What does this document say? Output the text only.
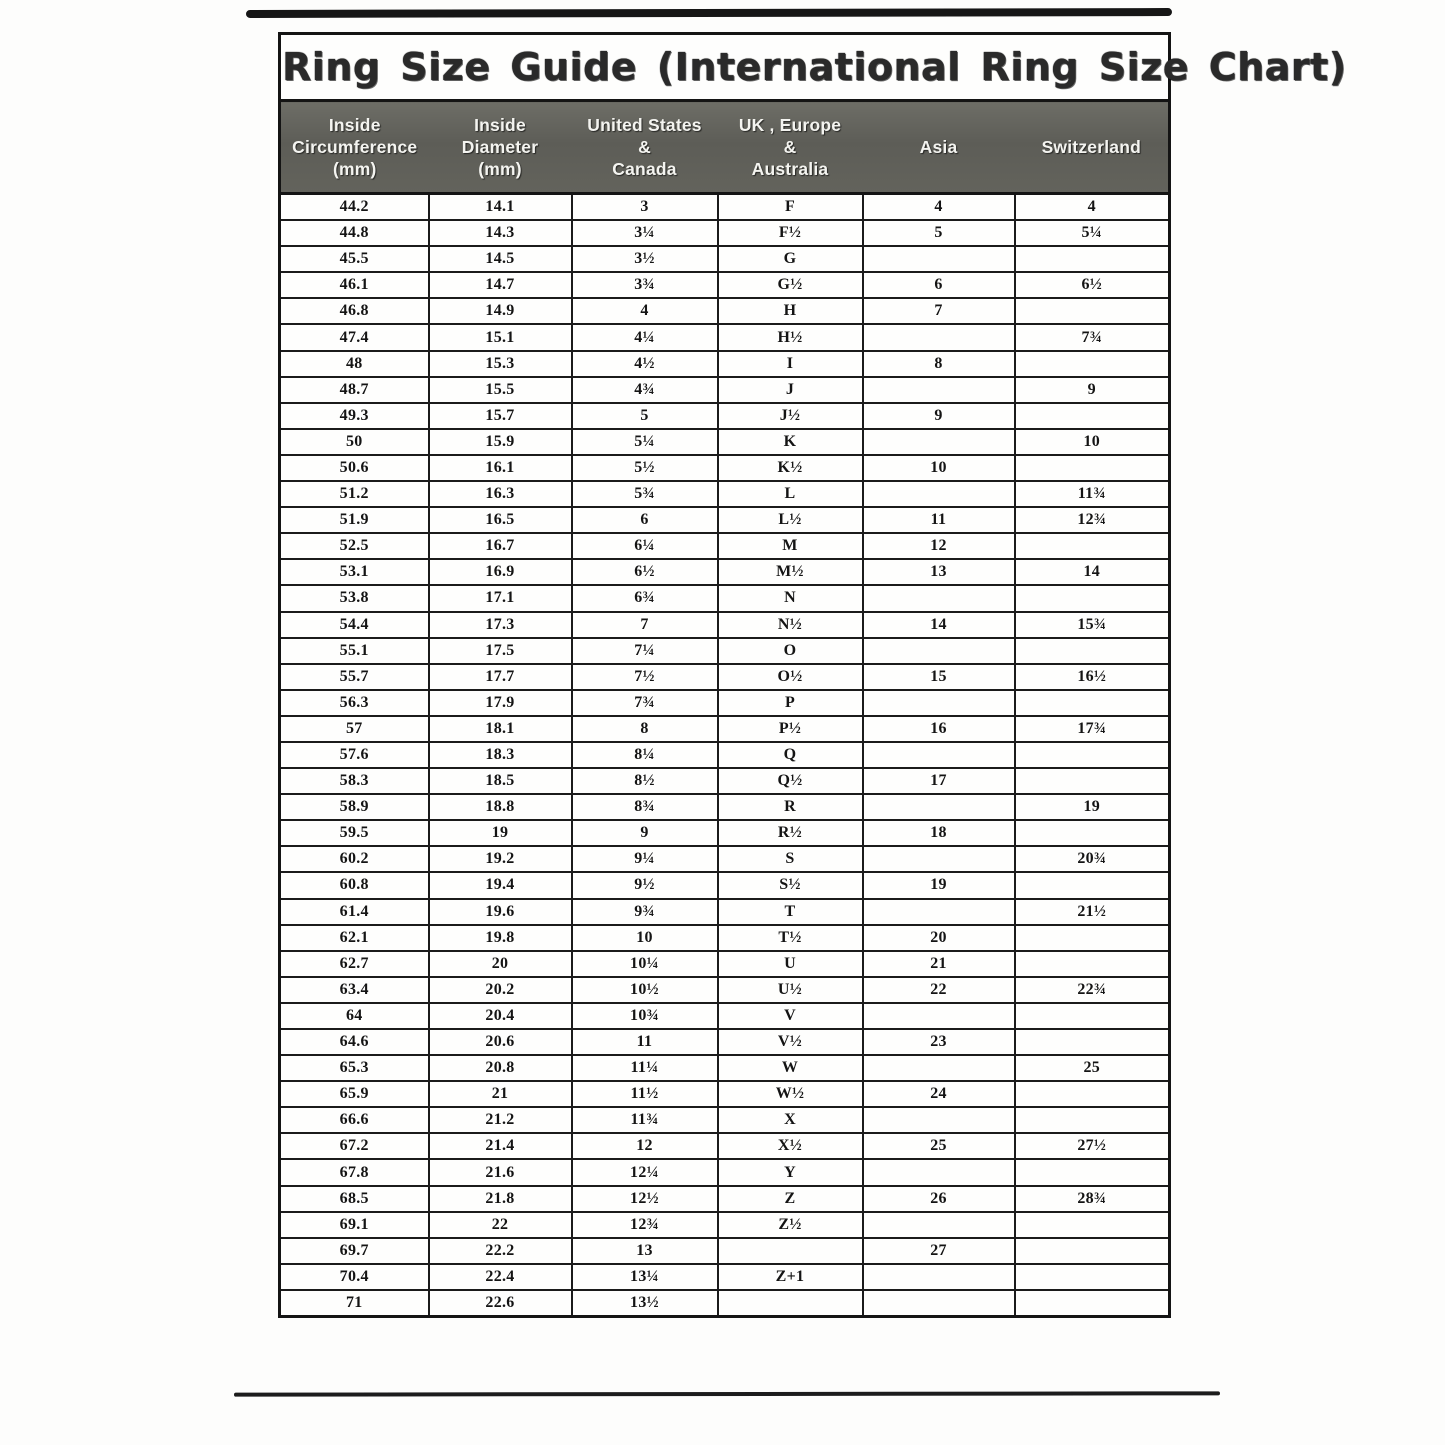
Ring Size Guide (International Ring Size Chart)					

Inside
Circumference
(mm)	Inside
Diameter
(mm)	United States
&
Canada	UK , Europe
&
Australia	Asia	Switzerland

44.2	14.1	3	F	4	4
44.8	14.3	3¼	F½	5	5¼
45.5	14.5	3½	G		
46.1	14.7	3¾	G½	6	6½
46.8	14.9	4	H	7	
47.4	15.1	4¼	H½		7¾
48	15.3	4½	I	8	
48.7	15.5	4¾	J		9
49.3	15.7	5	J½	9	
50	15.9	5¼	K		10
50.6	16.1	5½	K½	10	
51.2	16.3	5¾	L		11¾
51.9	16.5	6	L½	11	12¾
52.5	16.7	6¼	M	12	
53.1	16.9	6½	M½	13	14
53.8	17.1	6¾	N		
54.4	17.3	7	N½	14	15¾
55.1	17.5	7¼	O		
55.7	17.7	7½	O½	15	16½
56.3	17.9	7¾	P		
57	18.1	8	P½	16	17¾
57.6	18.3	8¼	Q		
58.3	18.5	8½	Q½	17	
58.9	18.8	8¾	R		19
59.5	19	9	R½	18	
60.2	19.2	9¼	S		20¾
60.8	19.4	9½	S½	19	
61.4	19.6	9¾	T		21½
62.1	19.8	10	T½	20	
62.7	20	10¼	U	21	
63.4	20.2	10½	U½	22	22¾
64	20.4	10¾	V		
64.6	20.6	11	V½	23	
65.3	20.8	11¼	W		25
65.9	21	11½	W½	24	
66.6	21.2	11¾	X		
67.2	21.4	12	X½	25	27½
67.8	21.6	12¼	Y		
68.5	21.8	12½	Z	26	28¾
69.1	22	12¾	Z½		
69.7	22.2	13		27	
70.4	22.4	13¼	Z+1		
71	22.6	13½			
